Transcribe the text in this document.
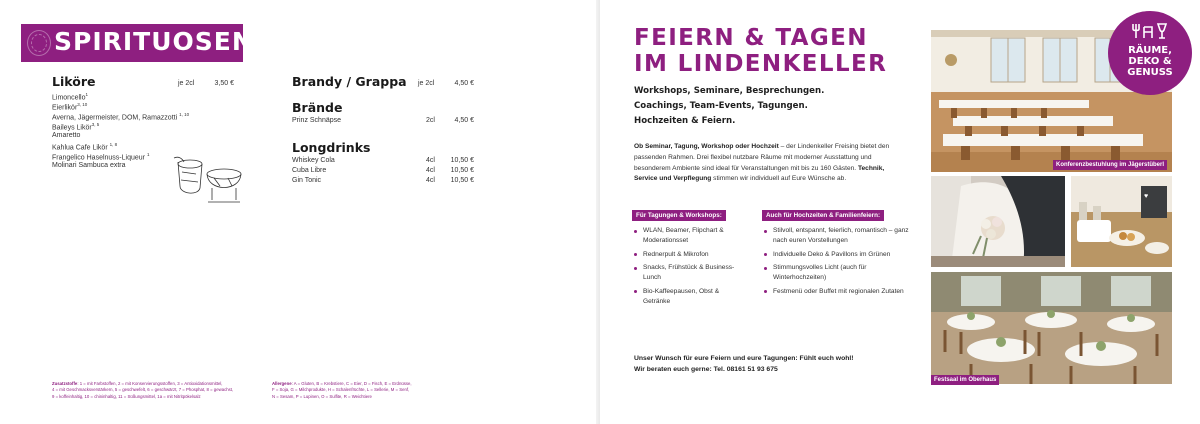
SPIRITUOSEN
Liköre	je 2cl	3,50 €
Limoncello$^1$
Eierlikör$^{3, 10}$
Averna, Jägermeister, DOM, Ramazzotti $^{1, 10}$
Baileys Likör$^{3, 5}$
Amaretto
Kahlua Cafe Likör $^{1, 8}$
Frangelico Haselnuss-Liqueur $^1$
Molinari Sambuca extra
Brandy / Grappa je 2cl	4,50 €
Brände
Prinz Schnäpse	2cl	4,50 €
Longdrinks
Whiskey Cola	4cl	10,50 €
Cuba Libre	4cl	10,50 €
Gin Tonic	4cl	10,50 €
Zusatzstoffe: 1 = mit Farbstoffen, 2 = mit Konservierungsstoffen, 3 = Antioxidationsmittel,
4 = mit Geschmacksverstärkern, 5 = geschwefelt, 6 = geschwärzt, 7 = Phosphat, 8 = gewachst,
9 = koffeinhaltig, 10 = chininhaltig, 11 = Süßungsmittel, 1a = mit Nitritpökelsalz
Allergene: A = Gluten, B = Krebstiere, C = Eier, D = Fisch, E = Erdnüsse,
F = Soja, G = Milchprodukte, H = Schalenfrüchte, L = Sellerie, M = Senf,
N = Sesam, P = Lupinen, O = Sulfite, R = Weichtiere
FEIERN & TAGEN
IM LINDENKELLER
Workshops, Seminare, Besprechungen.
Coachings, Team-Events, Tagungen.
Hochzeiten & Feiern.
Ob Seminar, Tagung, Workshop oder Hochzeit – der Lindenkeller Freising bietet den passenden Rahmen. Drei flexibel nutzbare Räume mit moderner Ausstattung und besonderem Ambiente sind ideal für Veranstaltungen mit bis zu 160 Gästen. Technik, Service und Verpflegung stimmen wir individuell auf Eure Wünsche ab.
Für Tagungen & Workshops:
WLAN, Beamer, Flipchart & Moderationsset
Rednerpult & Mikrofon
Snacks, Frühstück & Business-Lunch
Bio-Kaffeepausen, Obst & Getränke
Auch für Hochzeiten & Familienfeiern:
Stilvoll, entspannt, feierlich, romantisch – ganz nach euren Vorstellungen
Individuelle Deko & Pavillons im Grünen
Stimmungsvolles Licht (auch für Winterhochzeiten)
Festmenü oder Buffet mit regionalen Zutaten
Unser Wunsch für eure Feiern und eure Tagungen: Fühlt euch wohl!
Wir beraten euch gerne: Tel. 08161 51 93 675
Konferenzbestuhlung im Jägerstüberl
♥
Festsaal im Oberhaus
RÄUME,
DEKO &
GENUSS
